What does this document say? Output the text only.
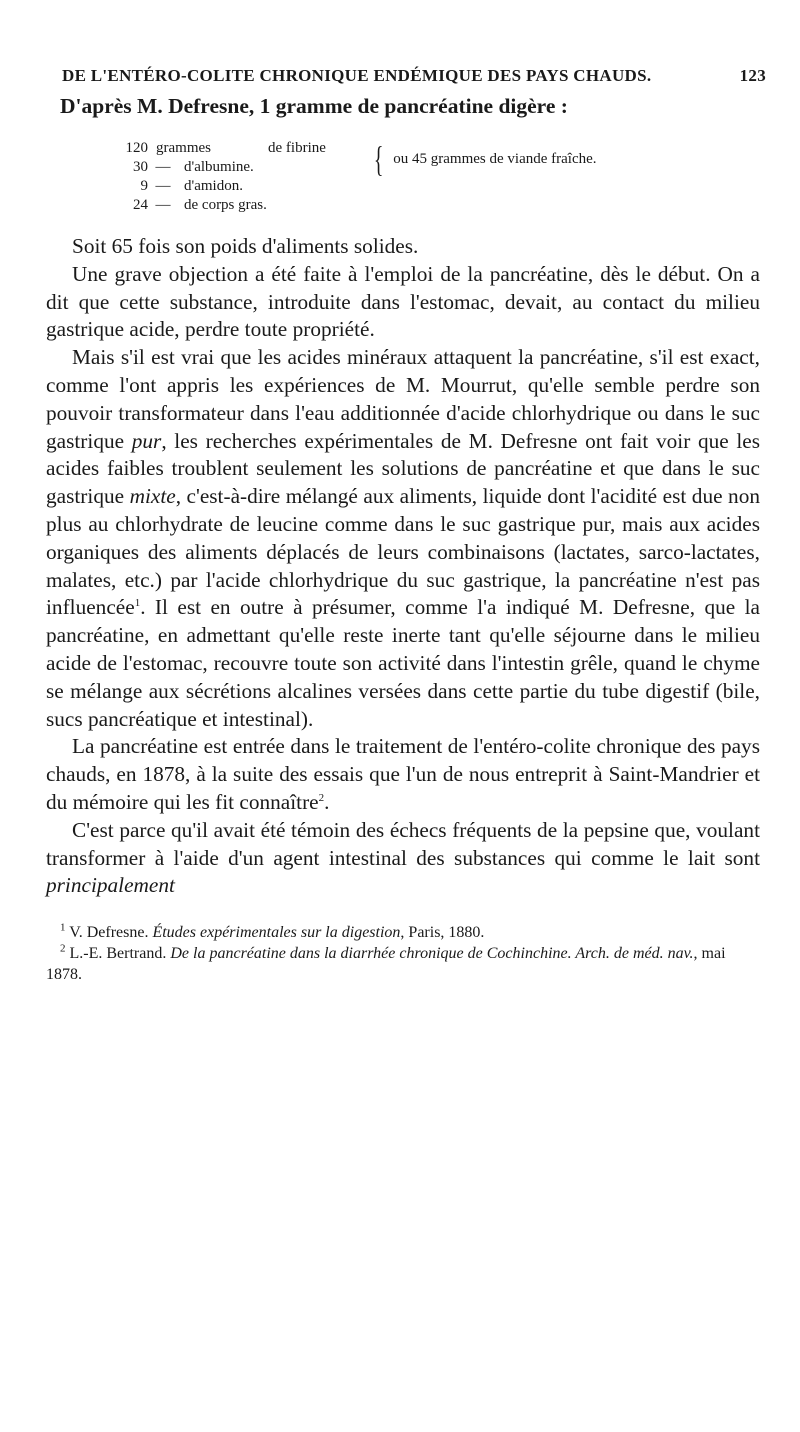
DE L'ENTÉRO-COLITE CHRONIQUE ENDÉMIQUE DES PAYS CHAUDS.	123
D'après M. Defresne, 1 gramme de pancréatine digère :
120 grammes	de fibrine
30 — d'albumine.
9 — d'amidon.
24 — de corps gras.
{ ou 45 grammes de viande fraîche.

Soit 65 fois son poids d'aliments solides.

Une grave objection a été faite à l'emploi de la pancréatine, dès le début. On a dit que cette substance, introduite dans l'estomac, devait, au contact du milieu gastrique acide, perdre toute propriété.

Mais s'il est vrai que les acides minéraux attaquent la pancréatine, s'il est exact, comme l'ont appris les expériences de M. Mourrut, qu'elle semble perdre son pouvoir transformateur dans l'eau additionnée d'acide chlorhydrique ou dans le suc gastrique pur, les recherches expérimentales de M. Defresne ont fait voir que les acides faibles troublent seulement les solutions de pancréatine et que dans le suc gastrique mixte, c'est-à-dire mélangé aux aliments, liquide dont l'acidité est due non plus au chlorhydrate de leucine comme dans le suc gastrique pur, mais aux acides organiques des aliments déplacés de leurs combinaisons (lactates, sarco-lactates, malates, etc.) par l'acide chlorhydrique du suc gastrique, la pancréatine n'est pas influencée$^1$. Il est en outre à présumer, comme l'a indiqué M. Defresne, que la pancréatine, en admettant qu'elle reste inerte tant qu'elle séjourne dans le milieu acide de l'estomac, recouvre toute son activité dans l'intestin grêle, quand le chyme se mélange aux sécrétions alcalines versées dans cette partie du tube digestif (bile, sucs pancréatique et intestinal).

La pancréatine est entrée dans le traitement de l'entéro-colite chronique des pays chauds, en 1878, à la suite des essais que l'un de nous entreprit à Saint-Mandrier et du mémoire qui les fit connaître$^2$.

C'est parce qu'il avait été témoin des échecs fréquents de la pepsine que, voulant transformer à l'aide d'un agent intestinal des substances qui comme le lait sont principalement

$^1$ V. Defresne. Études expérimentales sur la digestion, Paris, 1880.

$^2$ L.-E. Bertrand. De la pancréatine dans la diarrhée chronique de Cochinchine. Arch. de méd. nav., mai 1878.
